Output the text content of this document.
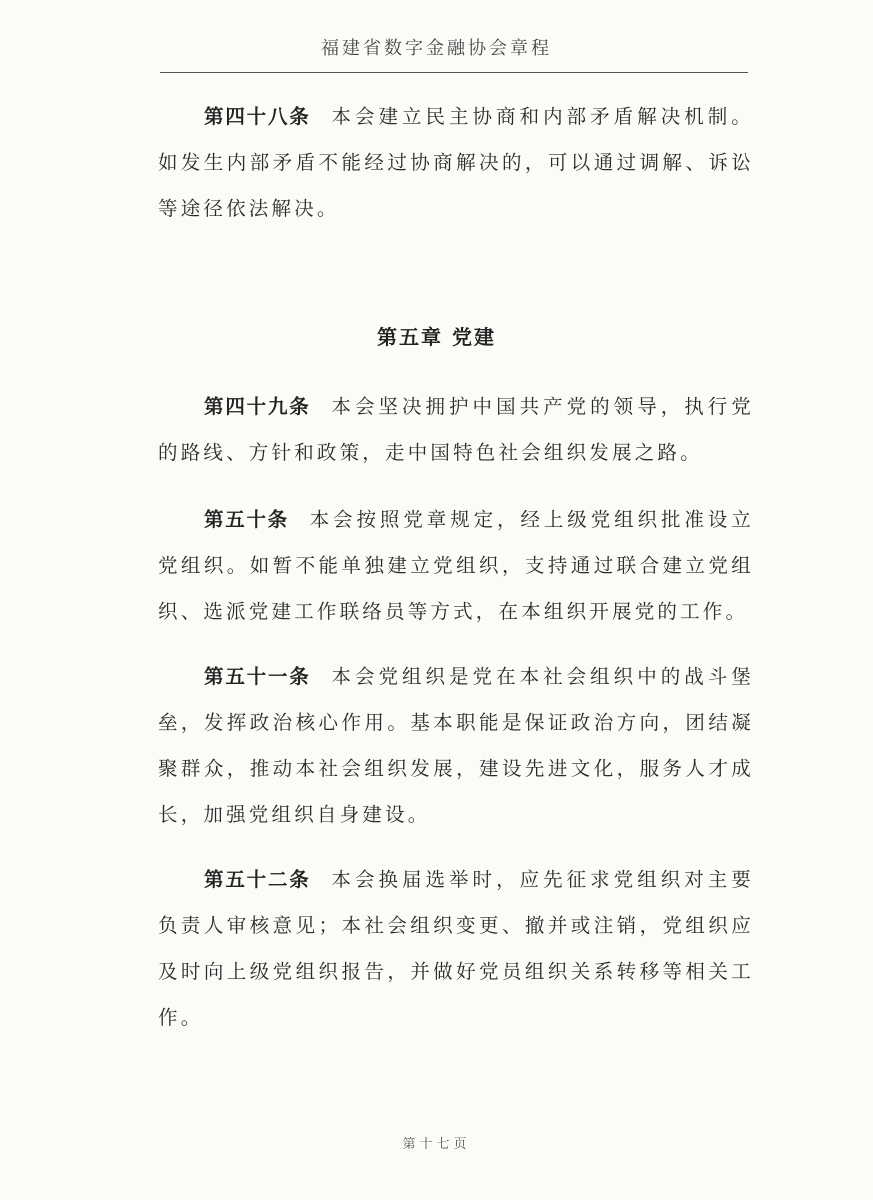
福建省数字金融协会章程
第四十八条 本会建立民主协商和内部矛盾解决机制。如发生内部矛盾不能经过协商解决的，可以通过调解、诉讼等途径依法解决。
第五章 党建
第四十九条 本会坚决拥护中国共产党的领导，执行党的路线、方针和政策，走中国特色社会组织发展之路。
第五十条 本会按照党章规定，经上级党组织批准设立党组织。如暂不能单独建立党组织，支持通过联合建立党组织、选派党建工作联络员等方式，在本组织开展党的工作。
第五十一条 本会党组织是党在本社会组织中的战斗堡垒，发挥政治核心作用。基本职能是保证政治方向，团结凝聚群众，推动本社会组织发展，建设先进文化，服务人才成长，加强党组织自身建设。
第五十二条 本会换届选举时，应先征求党组织对主要负责人审核意见；本社会组织变更、撤并或注销，党组织应及时向上级党组织报告，并做好党员组织关系转移等相关工作。
第十七页
